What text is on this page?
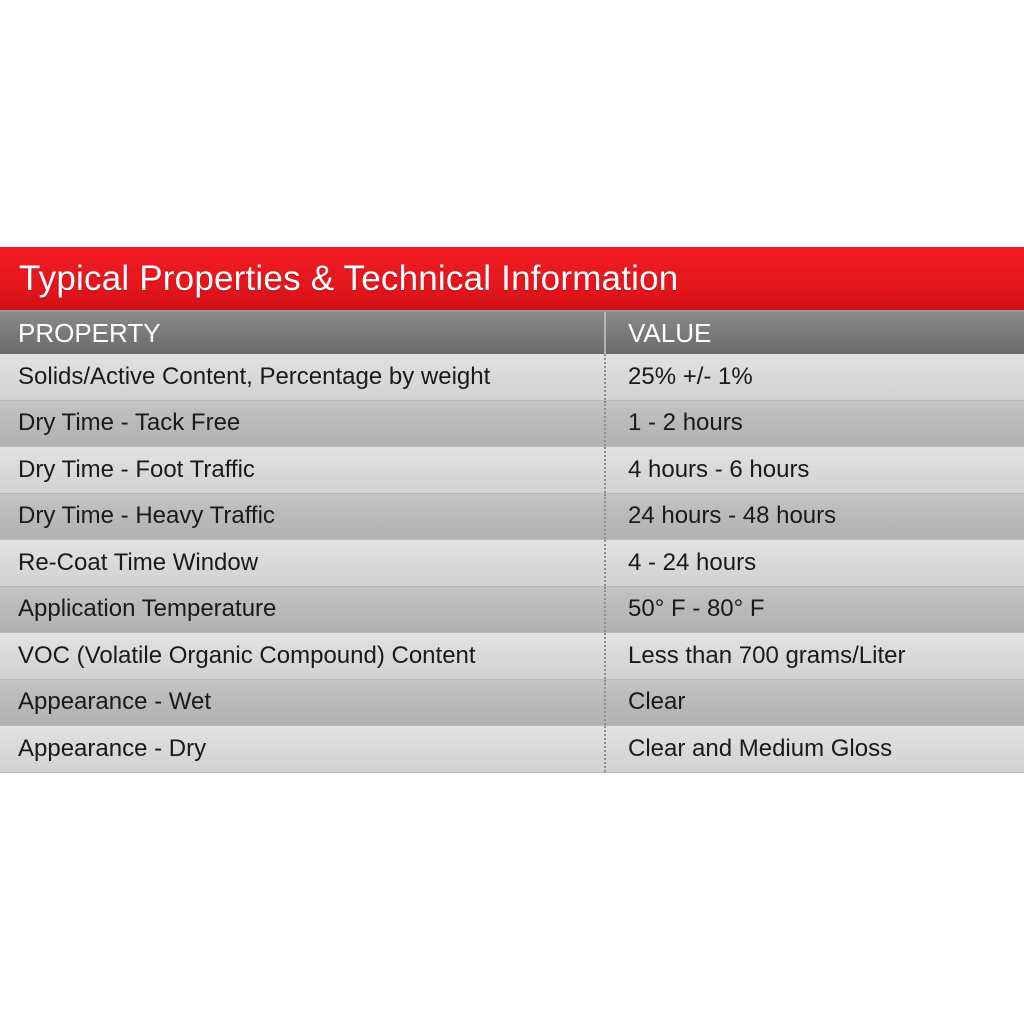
Typical Properties & Technical Information
PROPERTY	VALUE
Solids/Active Content, Percentage by weight	25% +/- 1%
Dry Time - Tack Free	1 - 2 hours
Dry Time - Foot Traffic	4 hours - 6 hours
Dry Time - Heavy Traffic	24 hours - 48 hours
Re-Coat Time Window	4 - 24 hours
Application Temperature	50° F - 80° F
VOC (Volatile Organic Compound) Content	Less than 700 grams/Liter
Appearance - Wet	Clear
Appearance - Dry	Clear and Medium Gloss
